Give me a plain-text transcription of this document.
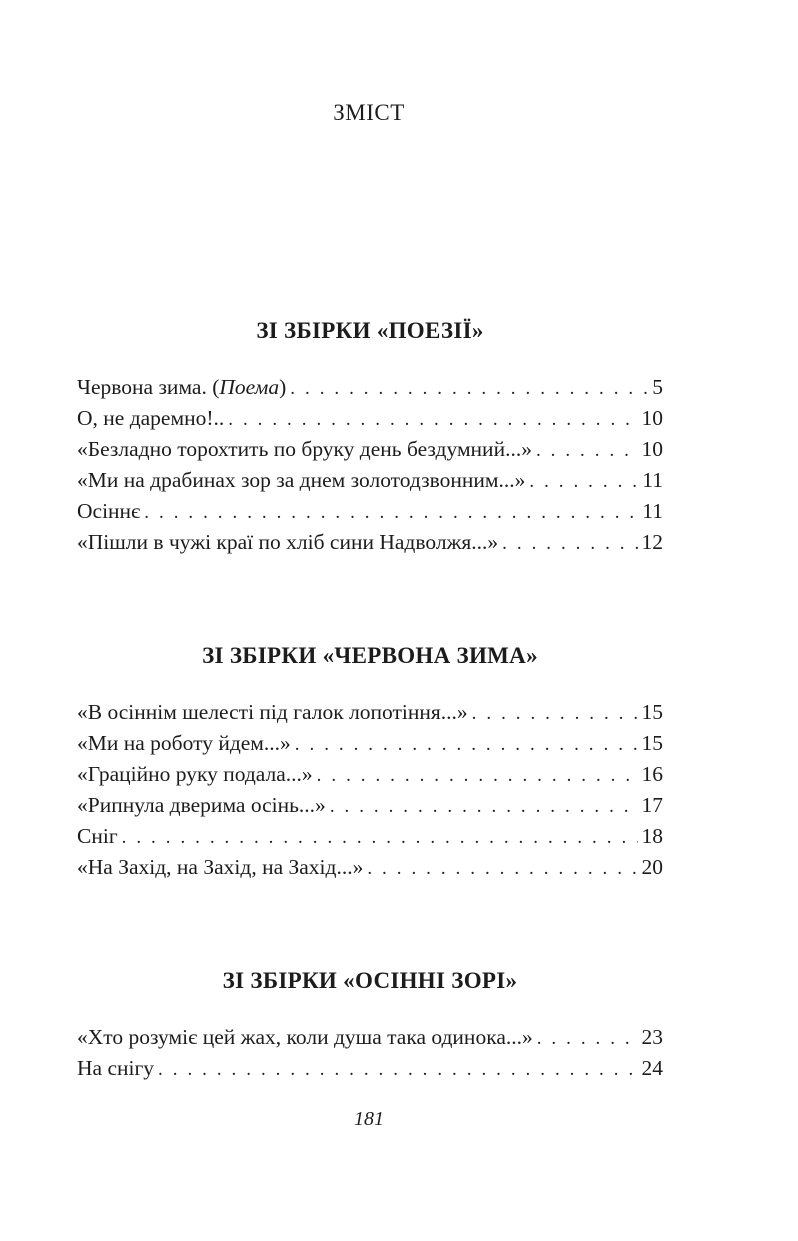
ЗМІСТ
ЗІ ЗБІРКИ «ПОЕЗІЇ»
Червона зима. (Поема) . . .	5
О, не даремно!.. . . .	10
«Безладно торохтить по бруку день бездумний...» . . .	10
«Ми на драбинах зор за днем золотодзвонним...» . . .	11
Осіннє . . .	11
«Пішли в чужі краї по хліб сини Надволжя...» . . .	12
ЗІ ЗБІРКИ «ЧЕРВОНА ЗИМА»
«В осіннім шелесті під галок лопотіння...» . . .	15
«Ми на роботу йдем...» . . .	15
«Граційно руку подала...» . . .	16
«Рипнула дверима осінь...» . . .	17
Сніг . . .	18
«На Захід, на Захід, на Захід...» . . .	20
ЗІ ЗБІРКИ «ОСІННІ ЗОРІ»
«Хто розуміє цей жах, коли душа така одинока...» . . .	23
На снігу . . .	24
181
